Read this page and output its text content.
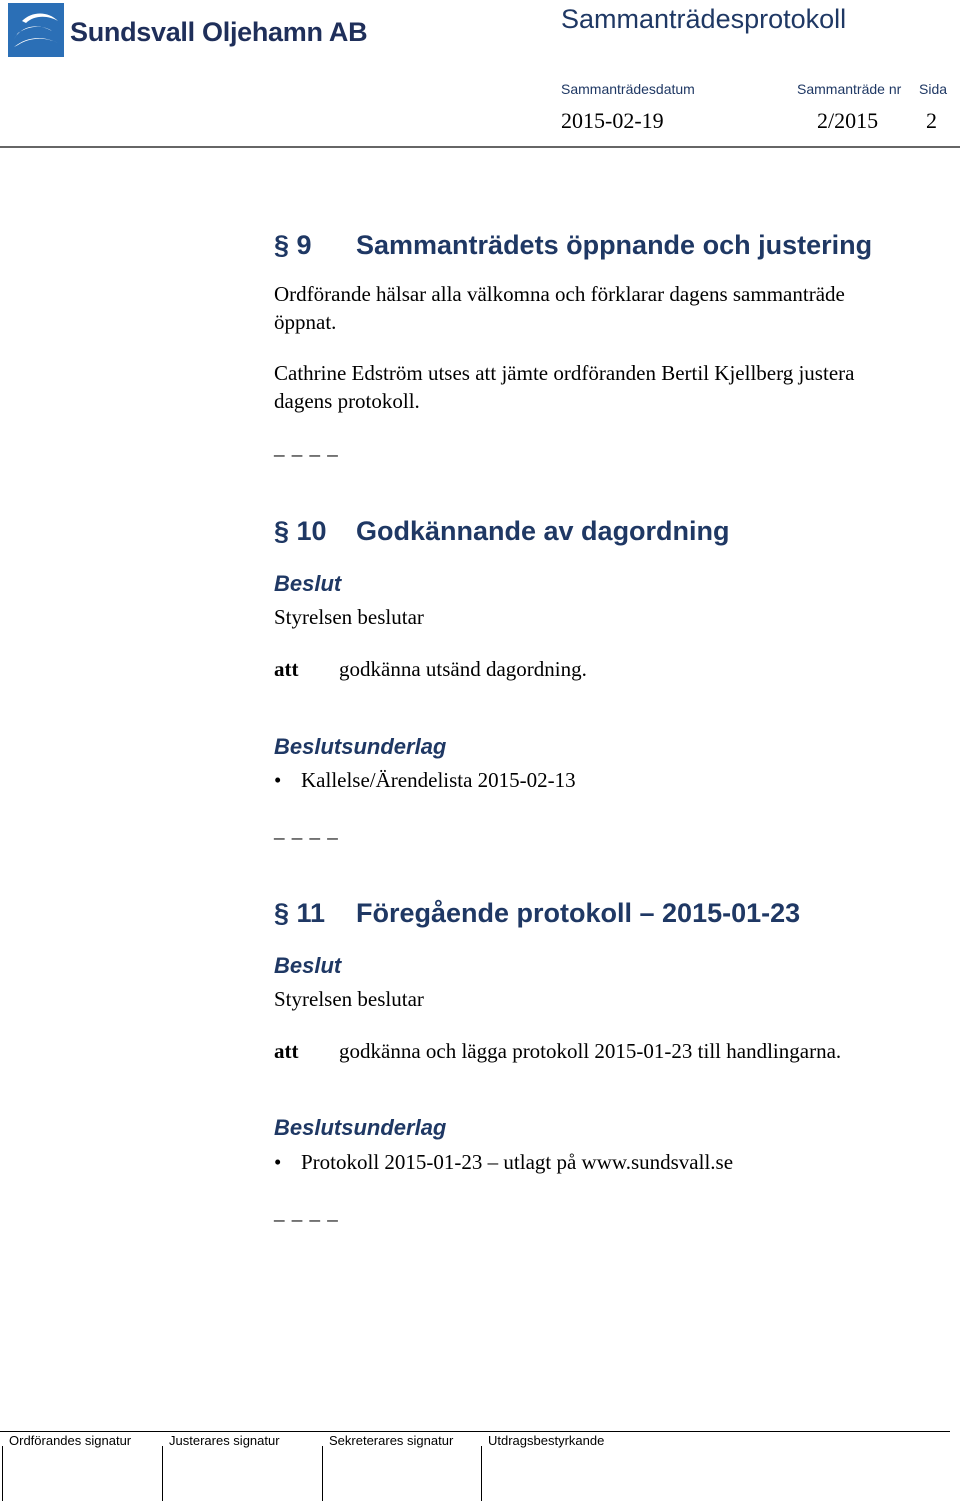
Sundsvall Oljehamn AB	Sammanträdesprotokoll
Sammanträdesdatum	Sammanträde nr Sida
2015-02-19	2/2015 2
§ 9 Sammanträdets öppnande och justering
Ordförande hälsar alla välkomna och förklarar dagens sammanträde
öppnat.
Cathrine Edström utses att jämte ordföranden Bertil Kjellberg justera
dagens protokoll.
_ _ _ _
§ 10 Godkännande av dagordning
Beslut
Styrelsen beslutar
att godkänna utsänd dagordning.
Beslutsunderlag
• Kallelse/Ärendelista 2015-02-13
_ _ _ _
§ 11 Föregående protokoll – 2015-01-23
Beslut
Styrelsen beslutar
att godkänna och lägga protokoll 2015-01-23 till handlingarna.
Beslutsunderlag
• Protokoll 2015-01-23 – utlagt på www.sundsvall.se
_ _ _ _
Ordförandes signatur	Justerares signatur	Sekreterares signatur	Utdragsbestyrkande
